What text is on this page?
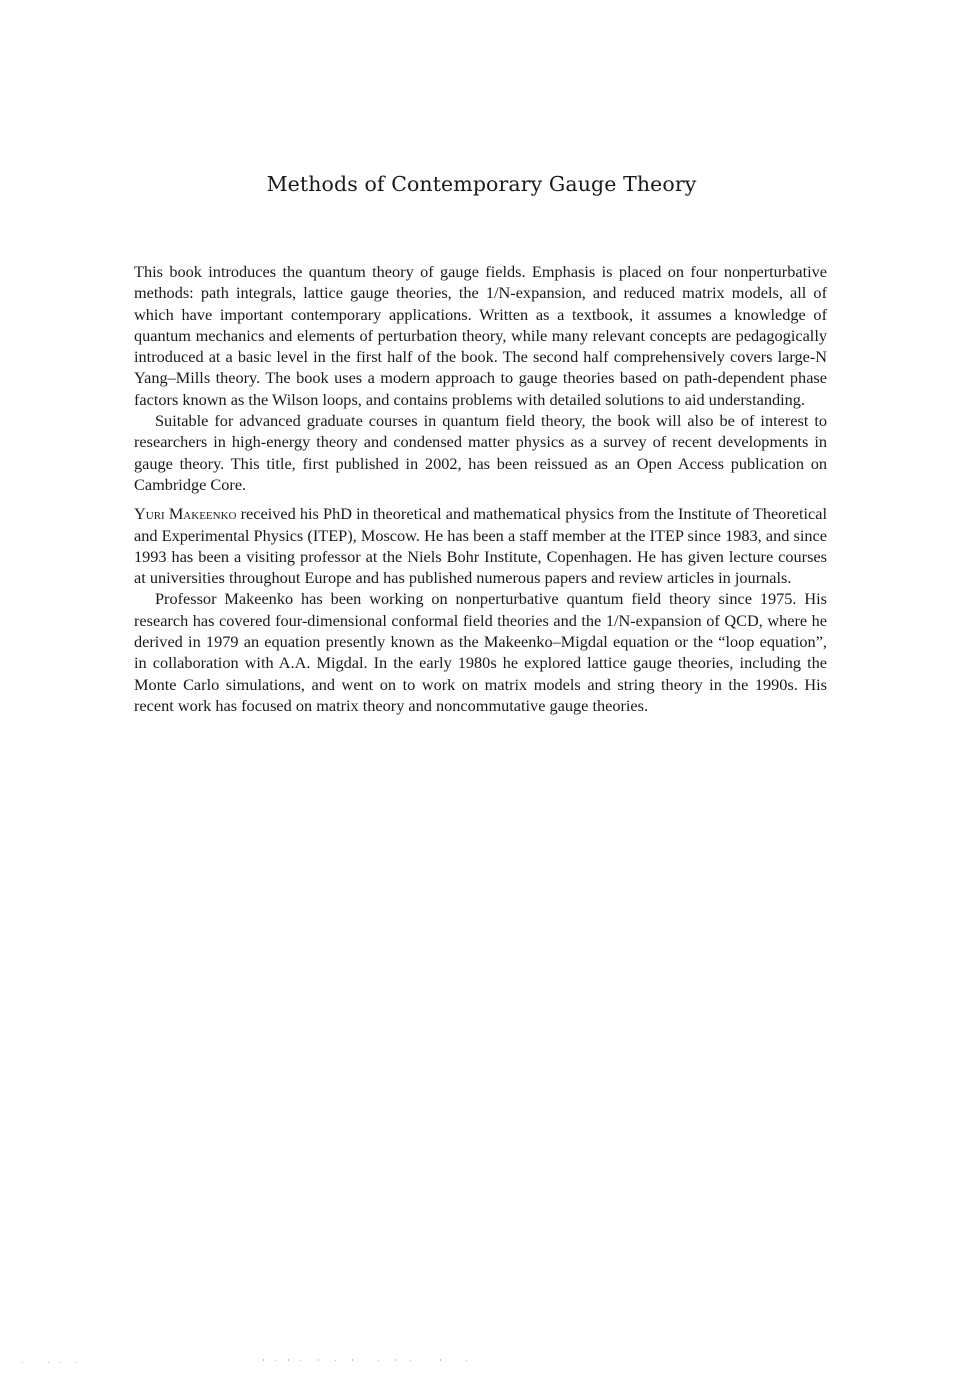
Methods of Contemporary Gauge Theory

This book introduces the quantum theory of gauge fields. Emphasis is placed on four nonperturbative methods: path integrals, lattice gauge theories, the 1/N-expansion, and reduced matrix models, all of which have important contemporary applications. Written as a textbook, it assumes a knowledge of quantum mechanics and elements of perturbation theory, while many relevant concepts are pedagogically introduced at a basic level in the first half of the book. The second half comprehensively covers large-N Yang–Mills theory. The book uses a modern approach to gauge theories based on path-dependent phase factors known as the Wilson loops, and contains problems with detailed solutions to aid understanding.

Suitable for advanced graduate courses in quantum field theory, the book will also be of interest to researchers in high-energy theory and condensed matter physics as a survey of recent developments in gauge theory. This title, first published in 2002, has been reissued as an Open Access publication on Cambridge Core.

Yuri Makeenko received his PhD in theoretical and mathematical physics from the Institute of Theoretical and Experimental Physics (ITEP), Moscow. He has been a staff member at the ITEP since 1983, and since 1993 has been a visiting professor at the Niels Bohr Institute, Copenhagen. He has given lecture courses at universities throughout Europe and has published numerous papers and review articles in journals.

Professor Makeenko has been working on nonperturbative quantum field theory since 1975. His research has covered four-dimensional conformal field theories and the 1/N-expansion of QCD, where he derived in 1979 an equation presently known as the Makeenko–Migdal equation or the “loop equation”, in collaboration with A.A. Migdal. In the early 1980s he explored lattice gauge theories, including the Monte Carlo simulations, and went on to work on matrix models and string theory in the 1990s. His recent work has focused on matrix theory and noncommutative gauge theories.
